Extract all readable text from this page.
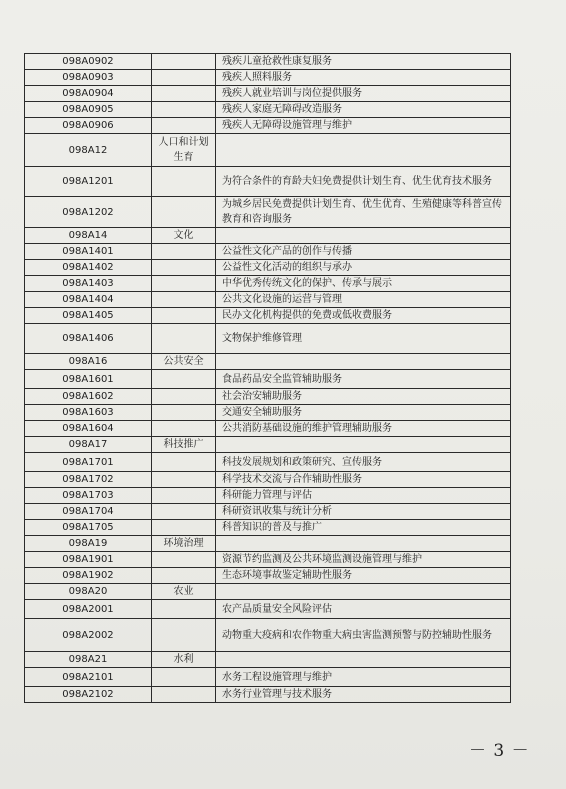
098A0902		残疾儿童抢救性康复服务
098A0903		残疾人照料服务
098A0904		残疾人就业培训与岗位提供服务
098A0905		残疾人家庭无障碍改造服务
098A0906		残疾人无障碍设施管理与维护
098A12	人口和计划生育	
098A1201		为符合条件的育龄夫妇免费提供计划生育、优生优育技术服务
098A1202		为城乡居民免费提供计划生育、优生优育、生殖健康等科普宣传教育和咨询服务
098A14	文化	
098A1401		公益性文化产品的创作与传播
098A1402		公益性文化活动的组织与承办
098A1403		中华优秀传统文化的保护、传承与展示
098A1404		公共文化设施的运营与管理
098A1405		民办文化机构提供的免费或低收费服务
098A1406		文物保护维修管理
098A16	公共安全	
098A1601		食品药品安全监管辅助服务
098A1602		社会治安辅助服务
098A1603		交通安全辅助服务
098A1604		公共消防基础设施的维护管理辅助服务
098A17	科技推广	
098A1701		科技发展规划和政策研究、宣传服务
098A1702		科学技术交流与合作辅助性服务
098A1703		科研能力管理与评估
098A1704		科研资讯收集与统计分析
098A1705		科普知识的普及与推广
098A19	环境治理	
098A1901		资源节约监测及公共环境监测设施管理与维护
098A1902		生态环境事故鉴定辅助性服务
098A20	农业	
098A2001		农产品质量安全风险评估
098A2002		动物重大疫病和农作物重大病虫害监测预警与防控辅助性服务
098A21	水利	
098A2101		水务工程设施管理与维护
098A2102		水务行业管理与技术服务
－ 3 －
